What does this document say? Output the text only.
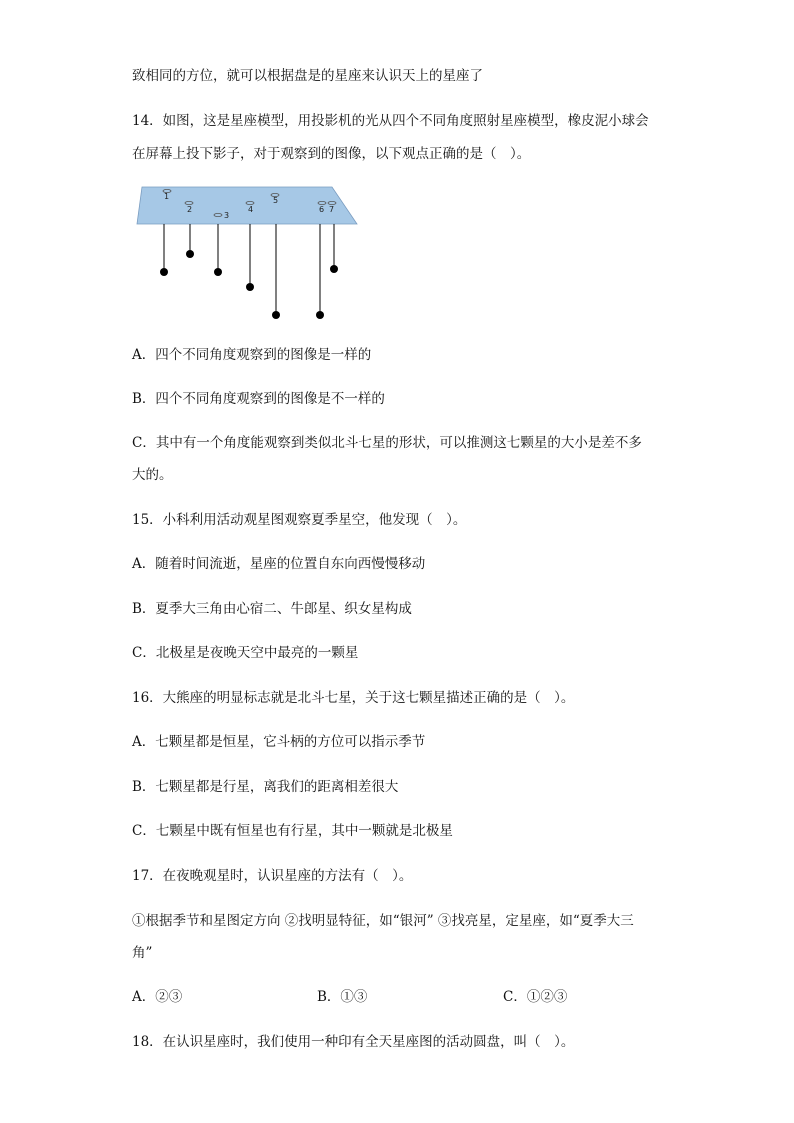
致相同的方位，就可以根据盘是的星座来认识天上的星座了
14．如图，这是星座模型，用投影机的光从四个不同角度照射星座模型，橡皮泥小球会
在屏幕上投下影子，对于观察到的图像，以下观点正确的是（　）。
1
2
3
4
5
6 7
A．四个不同角度观察到的图像是一样的
B．四个不同角度观察到的图像是不一样的
C．其中有一个角度能观察到类似北斗七星的形状，可以推测这七颗星的大小是差不多
大的。
15．小科利用活动观星图观察夏季星空，他发现（　）。
A．随着时间流逝，星座的位置自东向西慢慢移动
B．夏季大三角由心宿二、牛郎星、织女星构成
C．北极星是夜晚天空中最亮的一颗星
16．大熊座的明显标志就是北斗七星，关于这七颗星描述正确的是（　）。
A．七颗星都是恒星，它斗柄的方位可以指示季节
B．七颗星都是行星，离我们的距离相差很大
C．七颗星中既有恒星也有行星，其中一颗就是北极星
17．在夜晚观星时，认识星座的方法有（　）。
①根据季节和星图定方向 ②找明显特征，如“银河” ③找亮星，定星座，如“夏季大三
角”
A．②③	B．①③	C．①②③
18．在认识星座时，我们使用一种印有全天星座图的活动圆盘，叫（　）。
